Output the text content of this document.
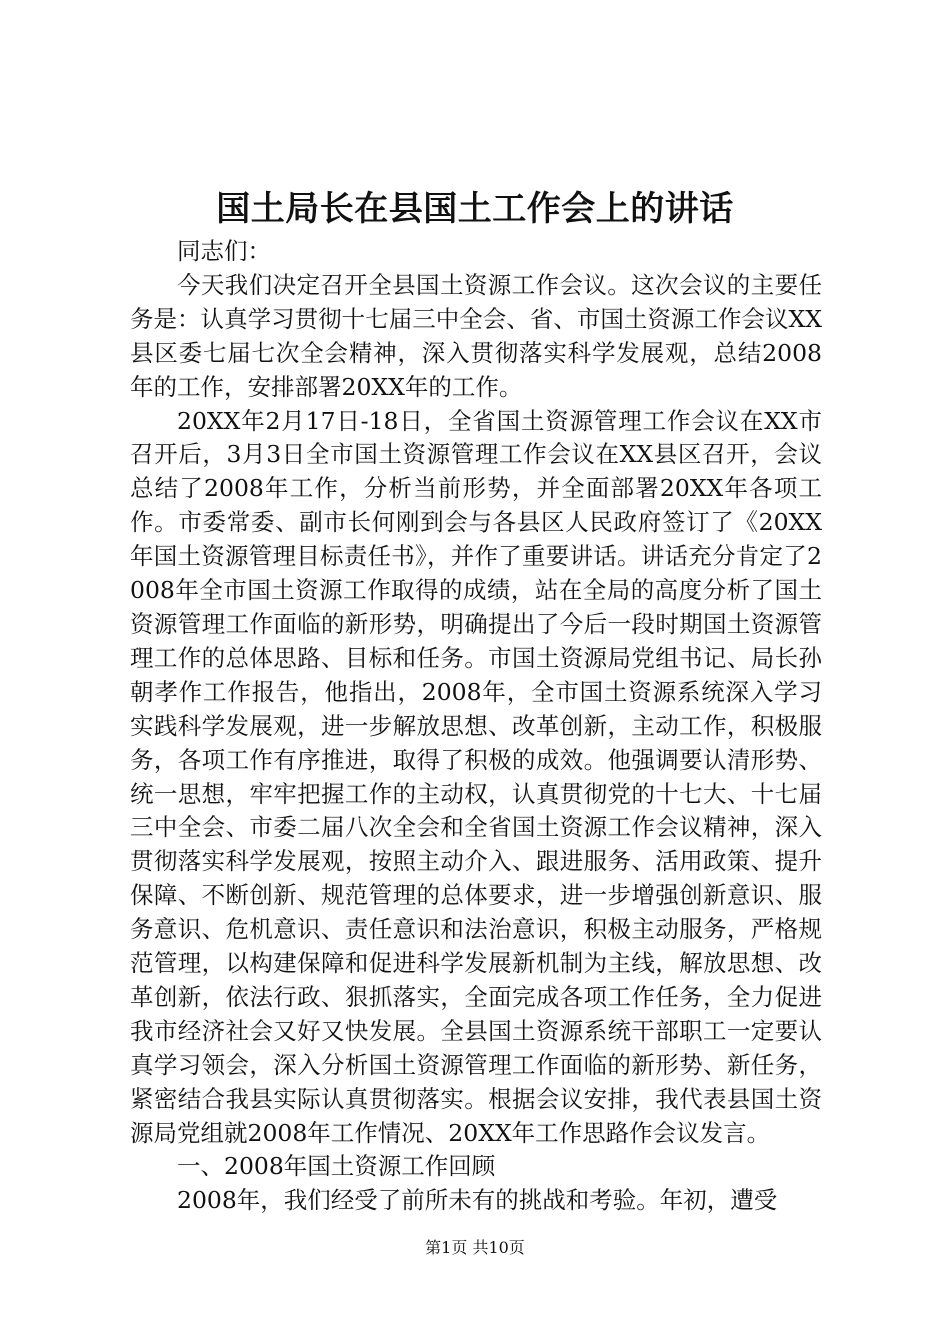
国土局长在县国土工作会上的讲话

同志们：

今天我们决定召开全县国土资源工作会议。这次会议的主要任务是：认真学习贯彻十七届三中全会、省、市国土资源工作会议XX县区委七届七次全会精神，深入贯彻落实科学发展观，总结2008年的工作，安排部署20XX年的工作。

20XX年2月17日-18日，全省国土资源管理工作会议在XX市召开后，3月3日全市国土资源管理工作会议在XX县区召开，会议总结了2008年工作，分析当前形势，并全面部署20XX年各项工作。市委常委、副市长何刚到会与各县区人民政府签订了《20XX年国土资源管理目标责任书》，并作了重要讲话。讲话充分肯定了2008年全市国土资源工作取得的成绩，站在全局的高度分析了国土资源管理工作面临的新形势，明确提出了今后一段时期国土资源管理工作的总体思路、目标和任务。市国土资源局党组书记、局长孙朝孝作工作报告，他指出，2008年，全市国土资源系统深入学习实践科学发展观，进一步解放思想、改革创新，主动工作，积极服务，各项工作有序推进，取得了积极的成效。他强调要认清形势、统一思想，牢牢把握工作的主动权，认真贯彻党的十七大、十七届三中全会、市委二届八次全会和全省国土资源工作会议精神，深入贯彻落实科学发展观，按照主动介入、跟进服务、活用政策、提升保障、不断创新、规范管理的总体要求，进一步增强创新意识、服务意识、危机意识、责任意识和法治意识，积极主动服务，严格规范管理，以构建保障和促进科学发展新机制为主线，解放思想、改革创新，依法行政、狠抓落实，全面完成各项工作任务，全力促进我市经济社会又好又快发展。全县国土资源系统干部职工一定要认真学习领会，深入分析国土资源管理工作面临的新形势、新任务，紧密结合我县实际认真贯彻落实。根据会议安排，我代表县国土资源局党组就2008年工作情况、20XX年工作思路作会议发言。

一、2008年国土资源工作回顾

2008年，我们经受了前所未有的挑战和考验。年初，遭受

第1页 共10页
